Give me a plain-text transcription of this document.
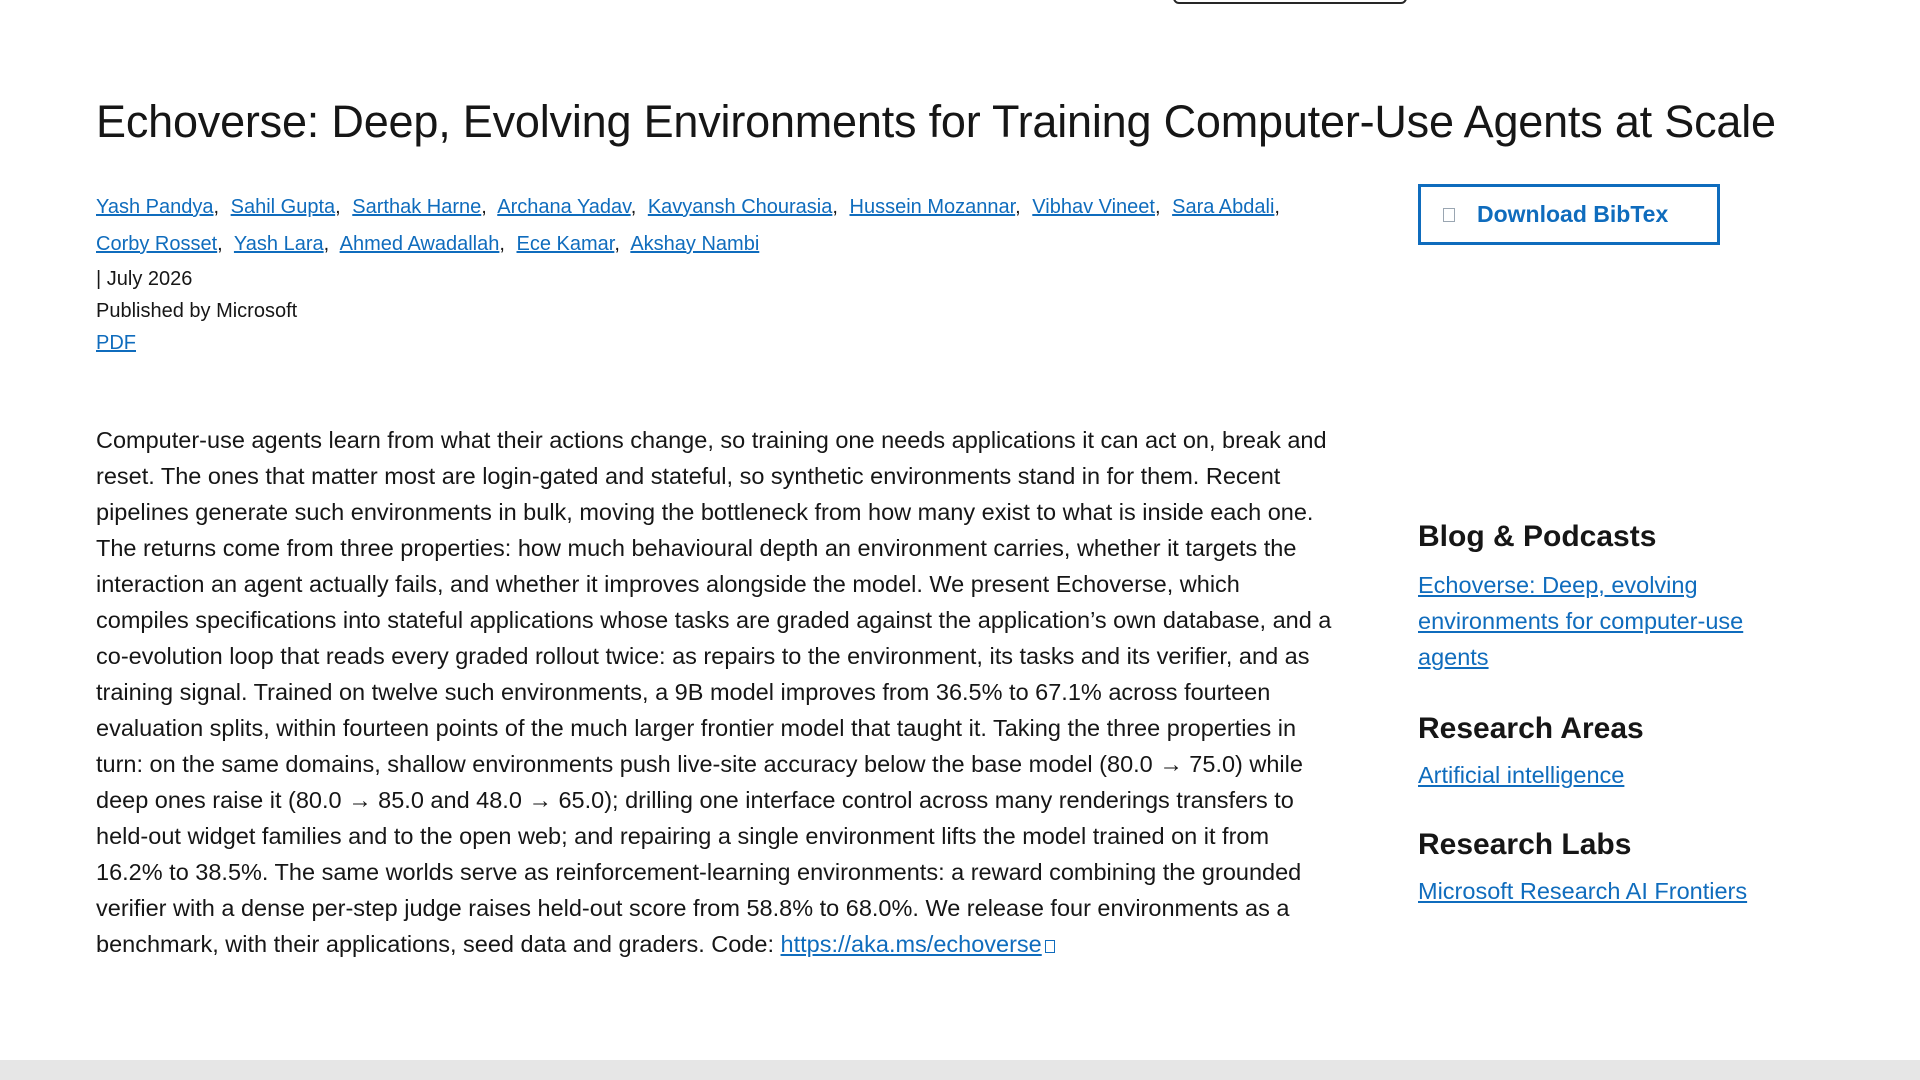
Echoverse: Deep, Evolving Environments for Training Computer-Use Agents at Scale
Yash Pandya, Sahil Gupta, Sarthak Harne, Archana Yadav, Kavyansh Chourasia, Hussein Mozannar, Vibhav Vineet, Sara Abdali,
Corby Rosset, Yash Lara, Ahmed Awadallah, Ece Kamar, Akshay Nambi
| July 2026
Published by Microsoft
PDF

Computer-use agents learn from what their actions change, so training one needs applications it can act on, break and reset. The ones that matter most are login-gated and stateful, so synthetic environments stand in for them. Recent pipelines generate such environments in bulk, moving the bottleneck from how many exist to what is inside each one. The returns come from three properties: how much behavioural depth an environment carries, whether it targets the interaction an agent actually fails, and whether it improves alongside the model. We present Echoverse, which compiles specifications into stateful applications whose tasks are graded against the application’s own database, and a co-evolution loop that reads every graded rollout twice: as repairs to the environment, its tasks and its verifier, and as training signal. Trained on twelve such environments, a 9B model improves from 36.5% to 67.1% across fourteen evaluation splits, within fourteen points of the much larger frontier model that taught it. Taking the three properties in turn: on the same domains, shallow environments push live-site accuracy below the base model (80.0 → 75.0) while deep ones raise it (80.0 → 85.0 and 48.0 → 65.0); drilling one interface control across many renderings transfers to held-out widget families and to the open web; and repairing a single environment lifts the model trained on it from 16.2% to 38.5%. The same worlds serve as reinforcement-learning environments: a reward combining the grounded verifier with a dense per-step judge raises held-out score from 58.8% to 68.0%. We release four environments as a benchmark, with their applications, seed data and graders. Code: https://aka.ms/echoverse

Download BibTex
Blog & Podcasts
Echoverse: Deep, evolving environments for computer-use agents
Research Areas
Artificial intelligence
Research Labs
Microsoft Research AI Frontiers
